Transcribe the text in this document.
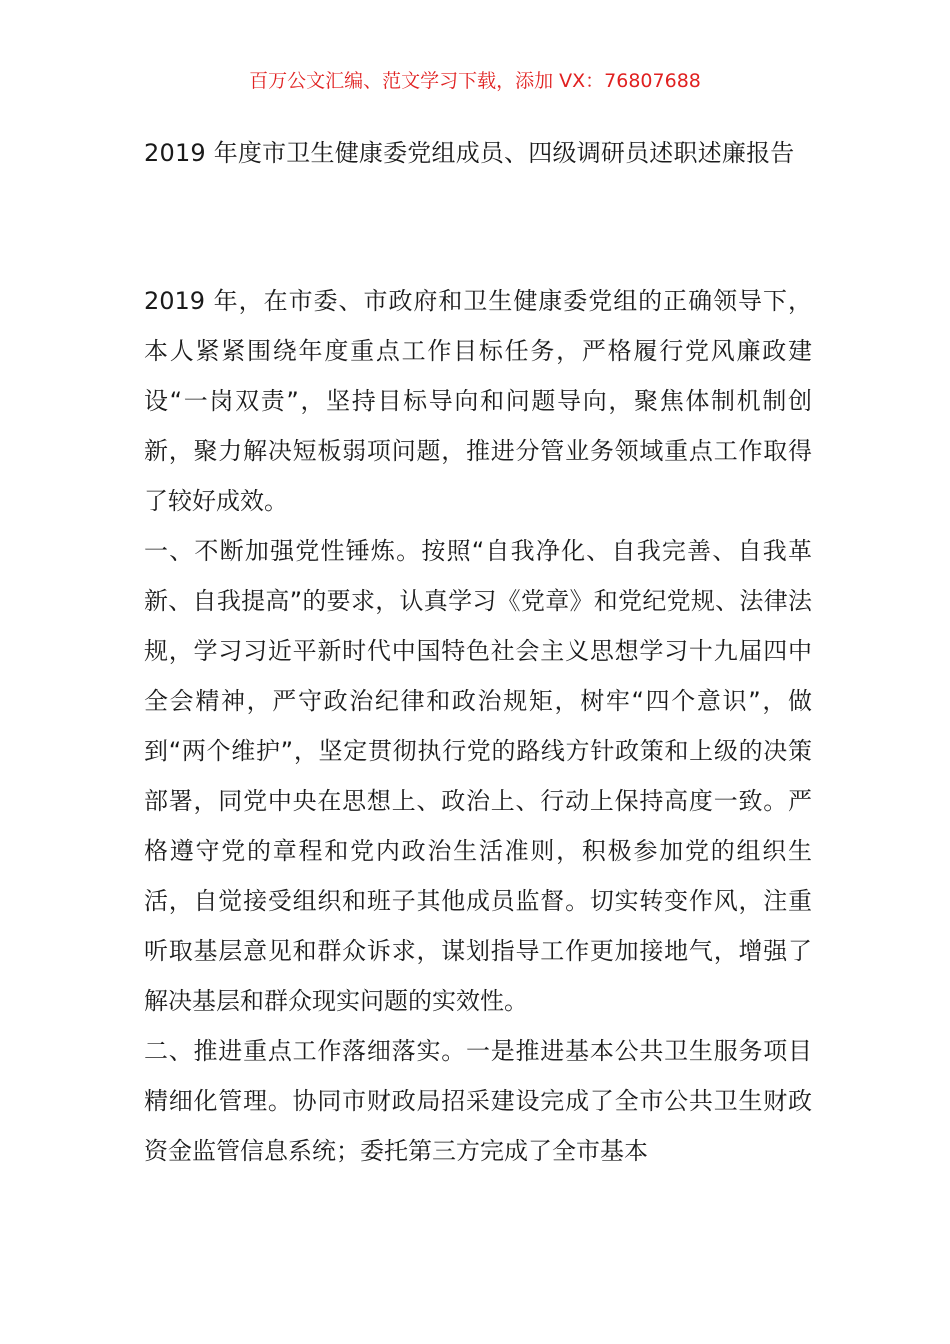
百万公文汇编、范文学习下载，添加 VX：76807688
2019 年度市卫生健康委党组成员、四级调研员述职述廉报告

2019 年，在市委、市政府和卫生健康委党组的正确领导下，本人紧紧围绕年度重点工作目标任务，严格履行党风廉政建设“一岗双责”，坚持目标导向和问题导向，聚焦体制机制创新，聚力解决短板弱项问题，推进分管业务领域重点工作取得了较好成效。

一、不断加强党性锤炼。按照“自我净化、自我完善、自我革新、自我提高”的要求，认真学习《党章》和党纪党规、法律法规，学习习近平新时代中国特色社会主义思想学习十九届四中全会精神，严守政治纪律和政治规矩，树牢“四个意识”，做到“两个维护”，坚定贯彻执行党的路线方针政策和上级的决策部署，同党中央在思想上、政治上、行动上保持高度一致。严格遵守党的章程和党内政治生活准则，积极参加党的组织生活，自觉接受组织和班子其他成员监督。切实转变作风，注重听取基层意见和群众诉求，谋划指导工作更加接地气，增强了解决基层和群众现实问题的实效性。

二、推进重点工作落细落实。一是推进基本公共卫生服务项目精细化管理。协同市财政局招采建设完成了全市公共卫生财政资金监管信息系统；委托第三方完成了全市基本
